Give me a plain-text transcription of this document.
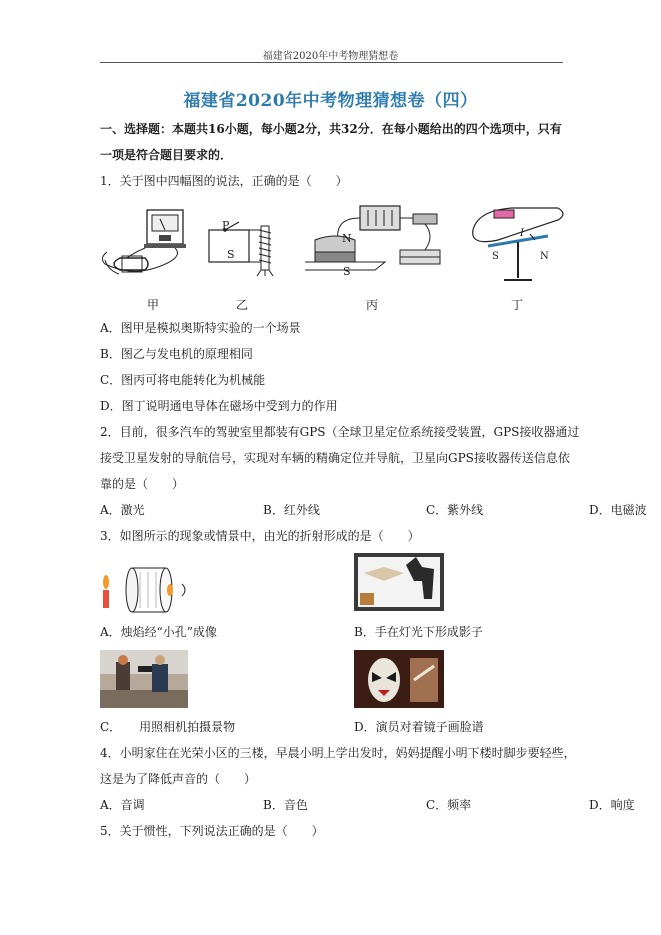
福建省2020年中考物理猜想卷
福建省2020年中考物理猜想卷（四）
一、选择题：本题共16小题，每小题2分，共32分．在每小题给出的四个选项中，只有
一项是符合题目要求的．
1．关于图中四幅图的说法，正确的是（　　）
甲
P
S
乙
N
S
丙
S	N
I
丁
A．图甲是模拟奥斯特实验的一个场景
B．图乙与发电机的原理相同
C．图丙可将电能转化为机械能
D．图丁说明通电导体在磁场中受到力的作用
2．目前，很多汽车的驾驶室里都装有GPS（全球卫星定位系统接受装置，GPS接收器通过
接受卫星发射的导航信号，实现对车辆的精确定位并导航，卫星向GPS接收器传送信息依
靠的是（　　）
A．激光	B．红外线	C．紫外线	D．电磁波
3．如图所示的现象或情景中，由光的折射形成的是（　　）
A．烛焰经“小孔”成像	B．手在灯光下形成影子
C．　　用照相机拍摄景物	D．演员对着镜子画脸谱
4．小明家住在光荣小区的三楼，早晨小明上学出发时，妈妈提醒小明下楼时脚步要轻些，
这是为了降低声音的（　　）
A．音调	B．音色	C．频率	D．响度
5．关于惯性，下列说法正确的是（　　）
